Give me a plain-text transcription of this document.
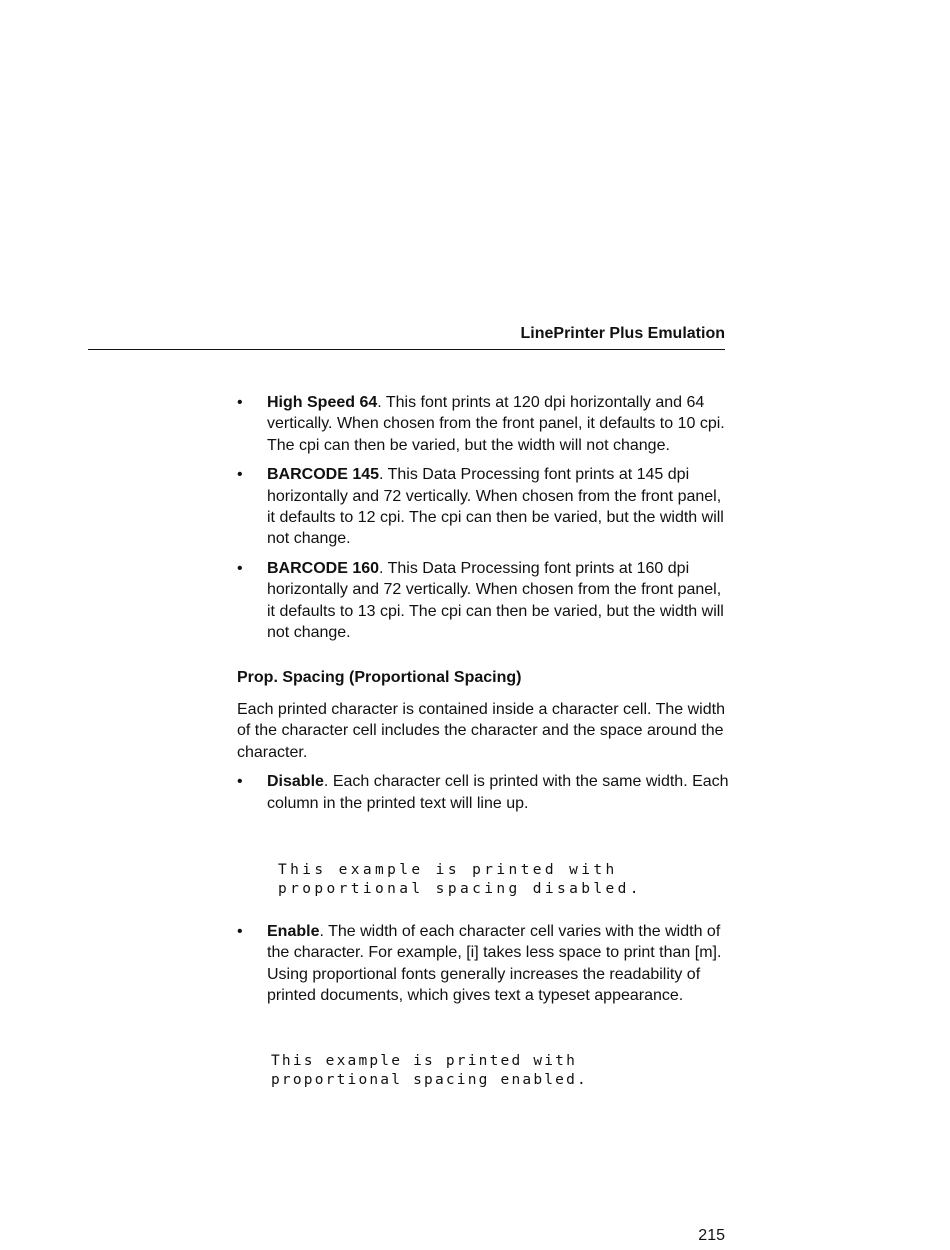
LinePrinter Plus Emulation
•	High Speed 64. This font prints at 120 dpi horizontally and 64 vertically. When chosen from the front panel, it defaults to 10 cpi. The cpi can then be varied, but the width will not change.
•	BARCODE 145. This Data Processing font prints at 145 dpi horizontally and 72 vertically. When chosen from the front panel, it defaults to 12 cpi. The cpi can then be varied, but the width will not change.
•	BARCODE 160. This Data Processing font prints at 160 dpi horizontally and 72 vertically. When chosen from the front panel, it defaults to 13 cpi. The cpi can then be varied, but the width will not change.
Prop. Spacing (Proportional Spacing)
Each printed character is contained inside a character cell. The width of the character cell includes the character and the space around the character.
•	Disable. Each character cell is printed with the same width. Each column in the printed text will line up.
This example is printed with
proportional spacing disabled.
•	Enable. The width of each character cell varies with the width of the character. For example, [i] takes less space to print than [m]. Using proportional fonts generally increases the readability of printed documents, which gives text a typeset appearance.
This example is printed with
proportional spacing enabled.
215
